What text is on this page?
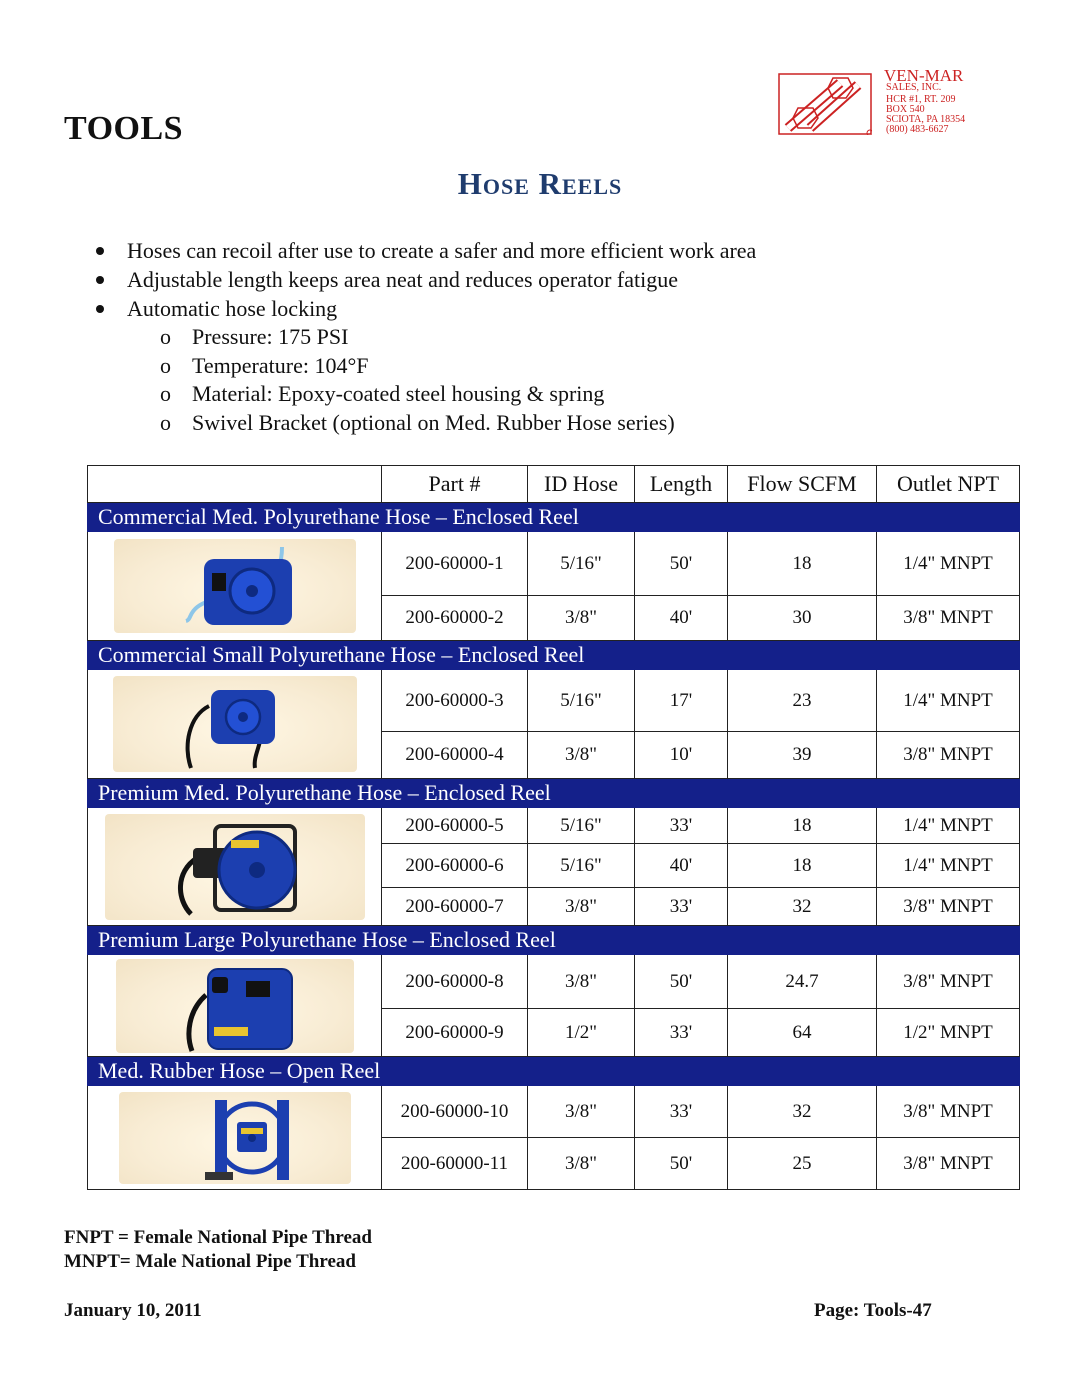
TOOLS
VEN-MAR
SALES, INC.
HCR #1, RT. 209
BOX 540
SCIOTA, PA 18354
(800) 483-6627
Hose Reels
Hoses can recoil after use to create a safer and more efficient work area
Adjustable length keeps area neat and reduces operator fatigue
Automatic hose locking
o Pressure: 175 PSI
o Temperature: 104°F
o Material: Epoxy-coated steel housing & spring
o Swivel Bracket (optional on Med. Rubber Hose series)
	Part #	ID Hose	Length	Flow SCFM	Outlet NPT
Commercial Med. Polyurethane Hose – Enclosed Reel					

	200-60000-1	5/16"	50'	18	1/4" MNPT
	200-60000-2	3/8"	40'	30	3/8" MNPT
Commercial Small Polyurethane Hose – Enclosed Reel					

	200-60000-3	5/16"	17'	23	1/4" MNPT
	200-60000-4	3/8"	10'	39	3/8" MNPT
Premium Med. Polyurethane Hose – Enclosed Reel					

	200-60000-5	5/16"	33'	18	1/4" MNPT
	200-60000-6	5/16"	40'	18	1/4" MNPT
	200-60000-7	3/8"	33'	32	3/8" MNPT
Premium Large Polyurethane Hose – Enclosed Reel					

	200-60000-8	3/8"	50'	24.7	3/8" MNPT
	200-60000-9	1/2"	33'	64	1/2" MNPT
Med. Rubber Hose – Open Reel					

	200-60000-10	3/8"	33'	32	3/8" MNPT
	200-60000-11	3/8"	50'	25	3/8" MNPT
FNPT = Female National Pipe Thread
MNPT= Male National Pipe Thread
January 10, 2011	Page: Tools-47
